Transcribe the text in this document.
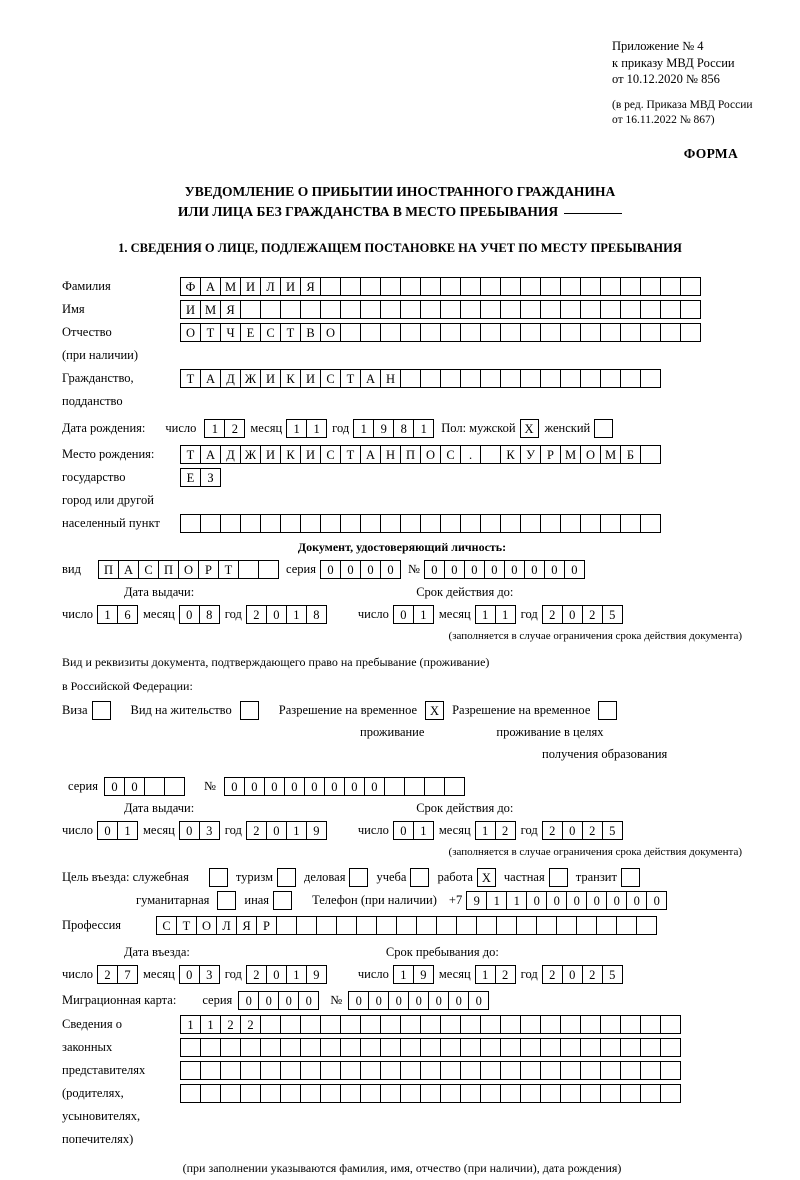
Приложение № 4
к приказу МВД России
от 10.12.2020 № 856
(в ред. Приказа МВД России
от 16.11.2022 № 867)
ФОРМА
УВЕДОМЛЕНИЕ О ПРИБЫТИИ ИНОСТРАННОГО ГРАЖДАНИНА
ИЛИ ЛИЦА БЕЗ ГРАЖДАНСТВА В МЕСТО ПРЕБЫВАНИЯ
1. СВЕДЕНИЯ О ЛИЦЕ, ПОДЛЕЖАЩЕМ ПОСТАНОВКЕ НА УЧЕТ ПО МЕСТУ ПРЕБЫВАНИЯ
Фамилия	Ф А М И Л И Я
Имя	И М Я
Отчество	О Т Ч Е С Т В О
(при наличии)
Гражданство,	Т А Д Ж И К И С Т А Н
подданство
Дата рождения: число	1	2 месяц 1	1 год 1	9	8	1	Пол: мужской Х женский
Место рождения:	Т А Д Ж И К И С Т А Н П О С	.	К У Р М О М Б
государство	Е	З
город или другой
населенный пункт
Документ, удостоверяющий личность:
вид	П А С П О Р	Т	серия 0	0	0	0	№ 0	0	0	0	0	0	0	0
Дата выдачи:	Срок действия до:
число 1	6 месяц 0	8 год 2	0	1	8	число 0	1 месяц 1	1 год 2	0	2	5
(заполняется в случае ограничения срока действия документа)
Вид и реквизиты документа, подтверждающего право на пребывание (проживание)
в Российской Федерации:
Виза	Вид на жительство	Разрешение на временное	Х	Разрешение на временное
проживание	проживание в целях
получения образования
серия	0	0	№	0	0	0	0	0	0	0	0
Дата выдачи:	Срок действия до:
число 0	1 месяц 0	3 год 2	0	1	9	число 0	1 месяц 1	2 год 2	0	2	5
(заполняется в случае ограничения срока действия документа)
Цель въезда: служебная	туризм деловая учеба работа Х	частная транзит
гуманитарная	иная	Телефон (при наличии) +7 9	1	1	0	0	0	0	0	0	0
Профессия	С Т О Л Я Р
Дата въезда:	Срок пребывания до:
число 2	7 месяц 0	3 год 2	0	1	9	число 1	9 месяц 1	2 год 2	0	2	5
Миграционная карта: серия	0	0	0	0	№	0	0	0	0	0	0	0
Сведения о	1	1	2	2
законных
представителях
(родителях,
усыновителях,
попечителях)
(при заполнении указываются фамилия, имя, отчество (при наличии), дата рождения)
